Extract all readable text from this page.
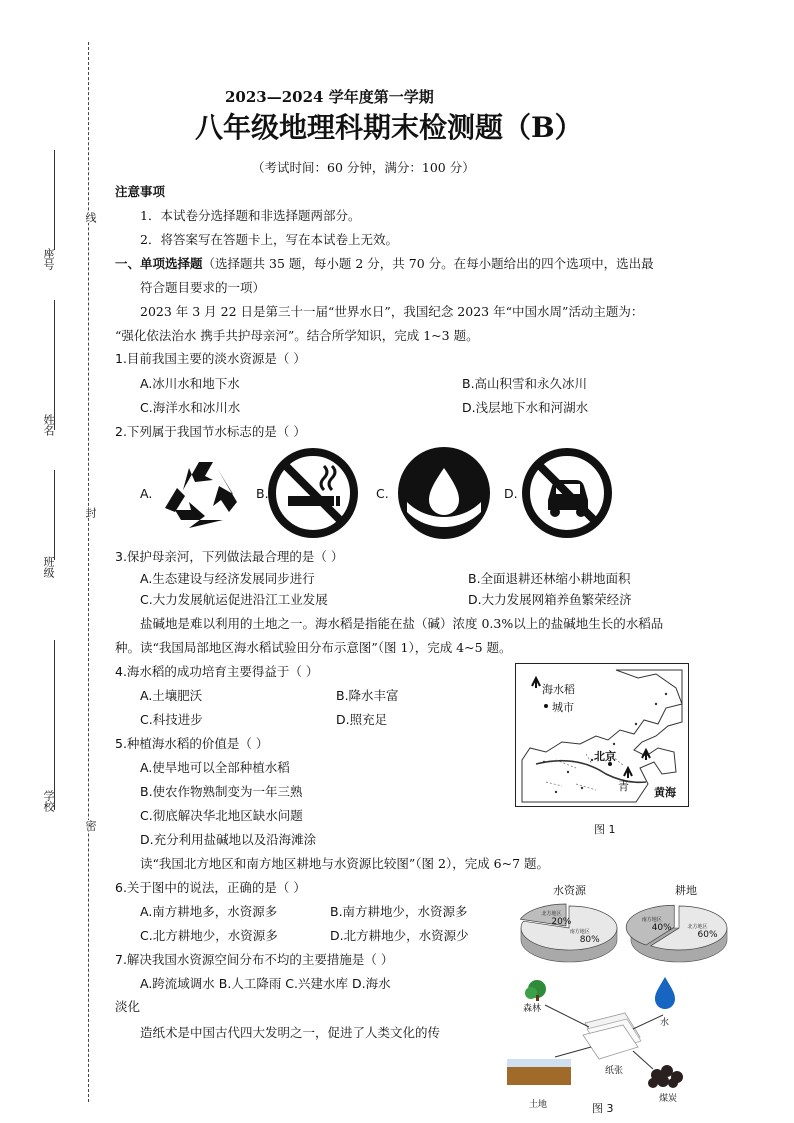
座号
姓名
班级
学校
线
封
密
2023—2024 学年度第一学期
八年级地理科期末检测题（B）
（考试时间：60 分钟，满分：100 分）
注意事项
1．本试卷分选择题和非选择题两部分。
2．将答案写在答题卡上，写在本试卷上无效。
一、单项选择题（选择题共 35 题，每小题 2 分，共 70 分。在每小题给出的四个选项中，选出最
符合题目要求的一项）
2023 年 3 月 22 日是第三十一届“世界水日”，我国纪念 2023 年“中国水周”活动主题为：
“强化依法治水 携手共护母亲河”。结合所学知识，完成 1~3 题。
1.目前我国主要的淡水资源是（ ）
A.冰川水和地下水	B.高山积雪和永久冰川
C.海洋水和冰川水	D.浅层地下水和河湖水
2.下列属于我国节水标志的是（ ）
A.	B.	C.	D.
3.保护母亲河，下列做法最合理的是（ ）
A.生态建设与经济发展同步进行	B.全面退耕还林缩小耕地面积
C.大力发展航运促进沿江工业发展	D.大力发展网箱养鱼繁荣经济
盐碱地是难以利用的土地之一。海水稻是指能在盐（碱）浓度 0.3%以上的盐碱地生长的水稻品
种。读“我国局部地区海水稻试验田分布示意图”（图 1），完成 4~5 题。
4.海水稻的成功培育主要得益于（ ）
A.土壤肥沃	B.降水丰富
C.科技进步	D.照充足
5.种植海水稻的价值是（ ）
A.使旱地可以全部种植水稻
B.使农作物熟制变为一年三熟
C.彻底解决华北地区缺水问题
D.充分利用盐碱地以及沿海滩涂
海水稻
城市
北京
青 黄海
图 1
读“我国北方地区和南方地区耕地与水资源比较图”（图 2），完成 6~7 题。
6.关于图中的说法，正确的是（ ）
A.南方耕地多，水资源多	B.南方耕地少，水资源多
C.北方耕地少，水资源多	D.北方耕地少，水资源少
水资源	耕地
南方地区
80%
北方地区
20%
北方地区
60%
南方地区
40%
7.解决我国水资源空间分布不均的主要措施是（ ）
A.跨流域调水 B.人工降雨 C.兴建水库 D.海水
淡化
造纸术是中国古代四大发明之一，促进了人类文化的传
森林
水
纸张
土地
煤炭
图 3
